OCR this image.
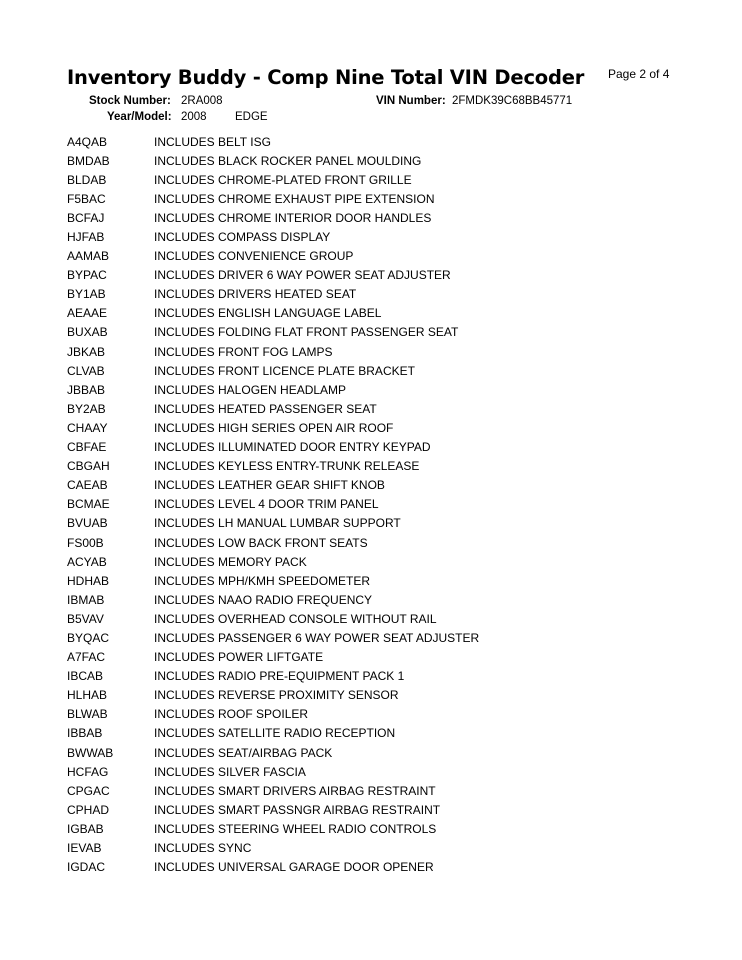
Inventory Buddy - Comp Nine Total VIN Decoder Page 2 of 4
Stock Number: 2RA008	VIN Number: 2FMDK39C68BB45771
Year/Model: 2008 EDGE
A4QAB	INCLUDES BELT ISG
BMDAB	INCLUDES BLACK ROCKER PANEL MOULDING
BLDAB	INCLUDES CHROME-PLATED FRONT GRILLE
F5BAC	INCLUDES CHROME EXHAUST PIPE EXTENSION
BCFAJ	INCLUDES CHROME INTERIOR DOOR HANDLES
HJFAB	INCLUDES COMPASS DISPLAY
AAMAB	INCLUDES CONVENIENCE GROUP
BYPAC	INCLUDES DRIVER 6 WAY POWER SEAT ADJUSTER
BY1AB	INCLUDES DRIVERS HEATED SEAT
AEAAE	INCLUDES ENGLISH LANGUAGE LABEL
BUXAB	INCLUDES FOLDING FLAT FRONT PASSENGER SEAT
JBKAB	INCLUDES FRONT FOG LAMPS
CLVAB	INCLUDES FRONT LICENCE PLATE BRACKET
JBBAB	INCLUDES HALOGEN HEADLAMP
BY2AB	INCLUDES HEATED PASSENGER SEAT
CHAAY	INCLUDES HIGH SERIES OPEN AIR ROOF
CBFAE	INCLUDES ILLUMINATED DOOR ENTRY KEYPAD
CBGAH	INCLUDES KEYLESS ENTRY-TRUNK RELEASE
CAEAB	INCLUDES LEATHER GEAR SHIFT KNOB
BCMAE	INCLUDES LEVEL 4 DOOR TRIM PANEL
BVUAB	INCLUDES LH MANUAL LUMBAR SUPPORT
FS00B	INCLUDES LOW BACK FRONT SEATS
ACYAB	INCLUDES MEMORY PACK
HDHAB	INCLUDES MPH/KMH SPEEDOMETER
IBMAB	INCLUDES NAAO RADIO FREQUENCY
B5VAV	INCLUDES OVERHEAD CONSOLE WITHOUT RAIL
BYQAC	INCLUDES PASSENGER 6 WAY POWER SEAT ADJUSTER
A7FAC	INCLUDES POWER LIFTGATE
IBCAB	INCLUDES RADIO PRE-EQUIPMENT PACK 1
HLHAB	INCLUDES REVERSE PROXIMITY SENSOR
BLWAB	INCLUDES ROOF SPOILER
IBBAB	INCLUDES SATELLITE RADIO RECEPTION
BWWAB	INCLUDES SEAT/AIRBAG PACK
HCFAG	INCLUDES SILVER FASCIA
CPGAC	INCLUDES SMART DRIVERS AIRBAG RESTRAINT
CPHAD	INCLUDES SMART PASSNGR AIRBAG RESTRAINT
IGBAB	INCLUDES STEERING WHEEL RADIO CONTROLS
IEVAB	INCLUDES SYNC
IGDAC	INCLUDES UNIVERSAL GARAGE DOOR OPENER
